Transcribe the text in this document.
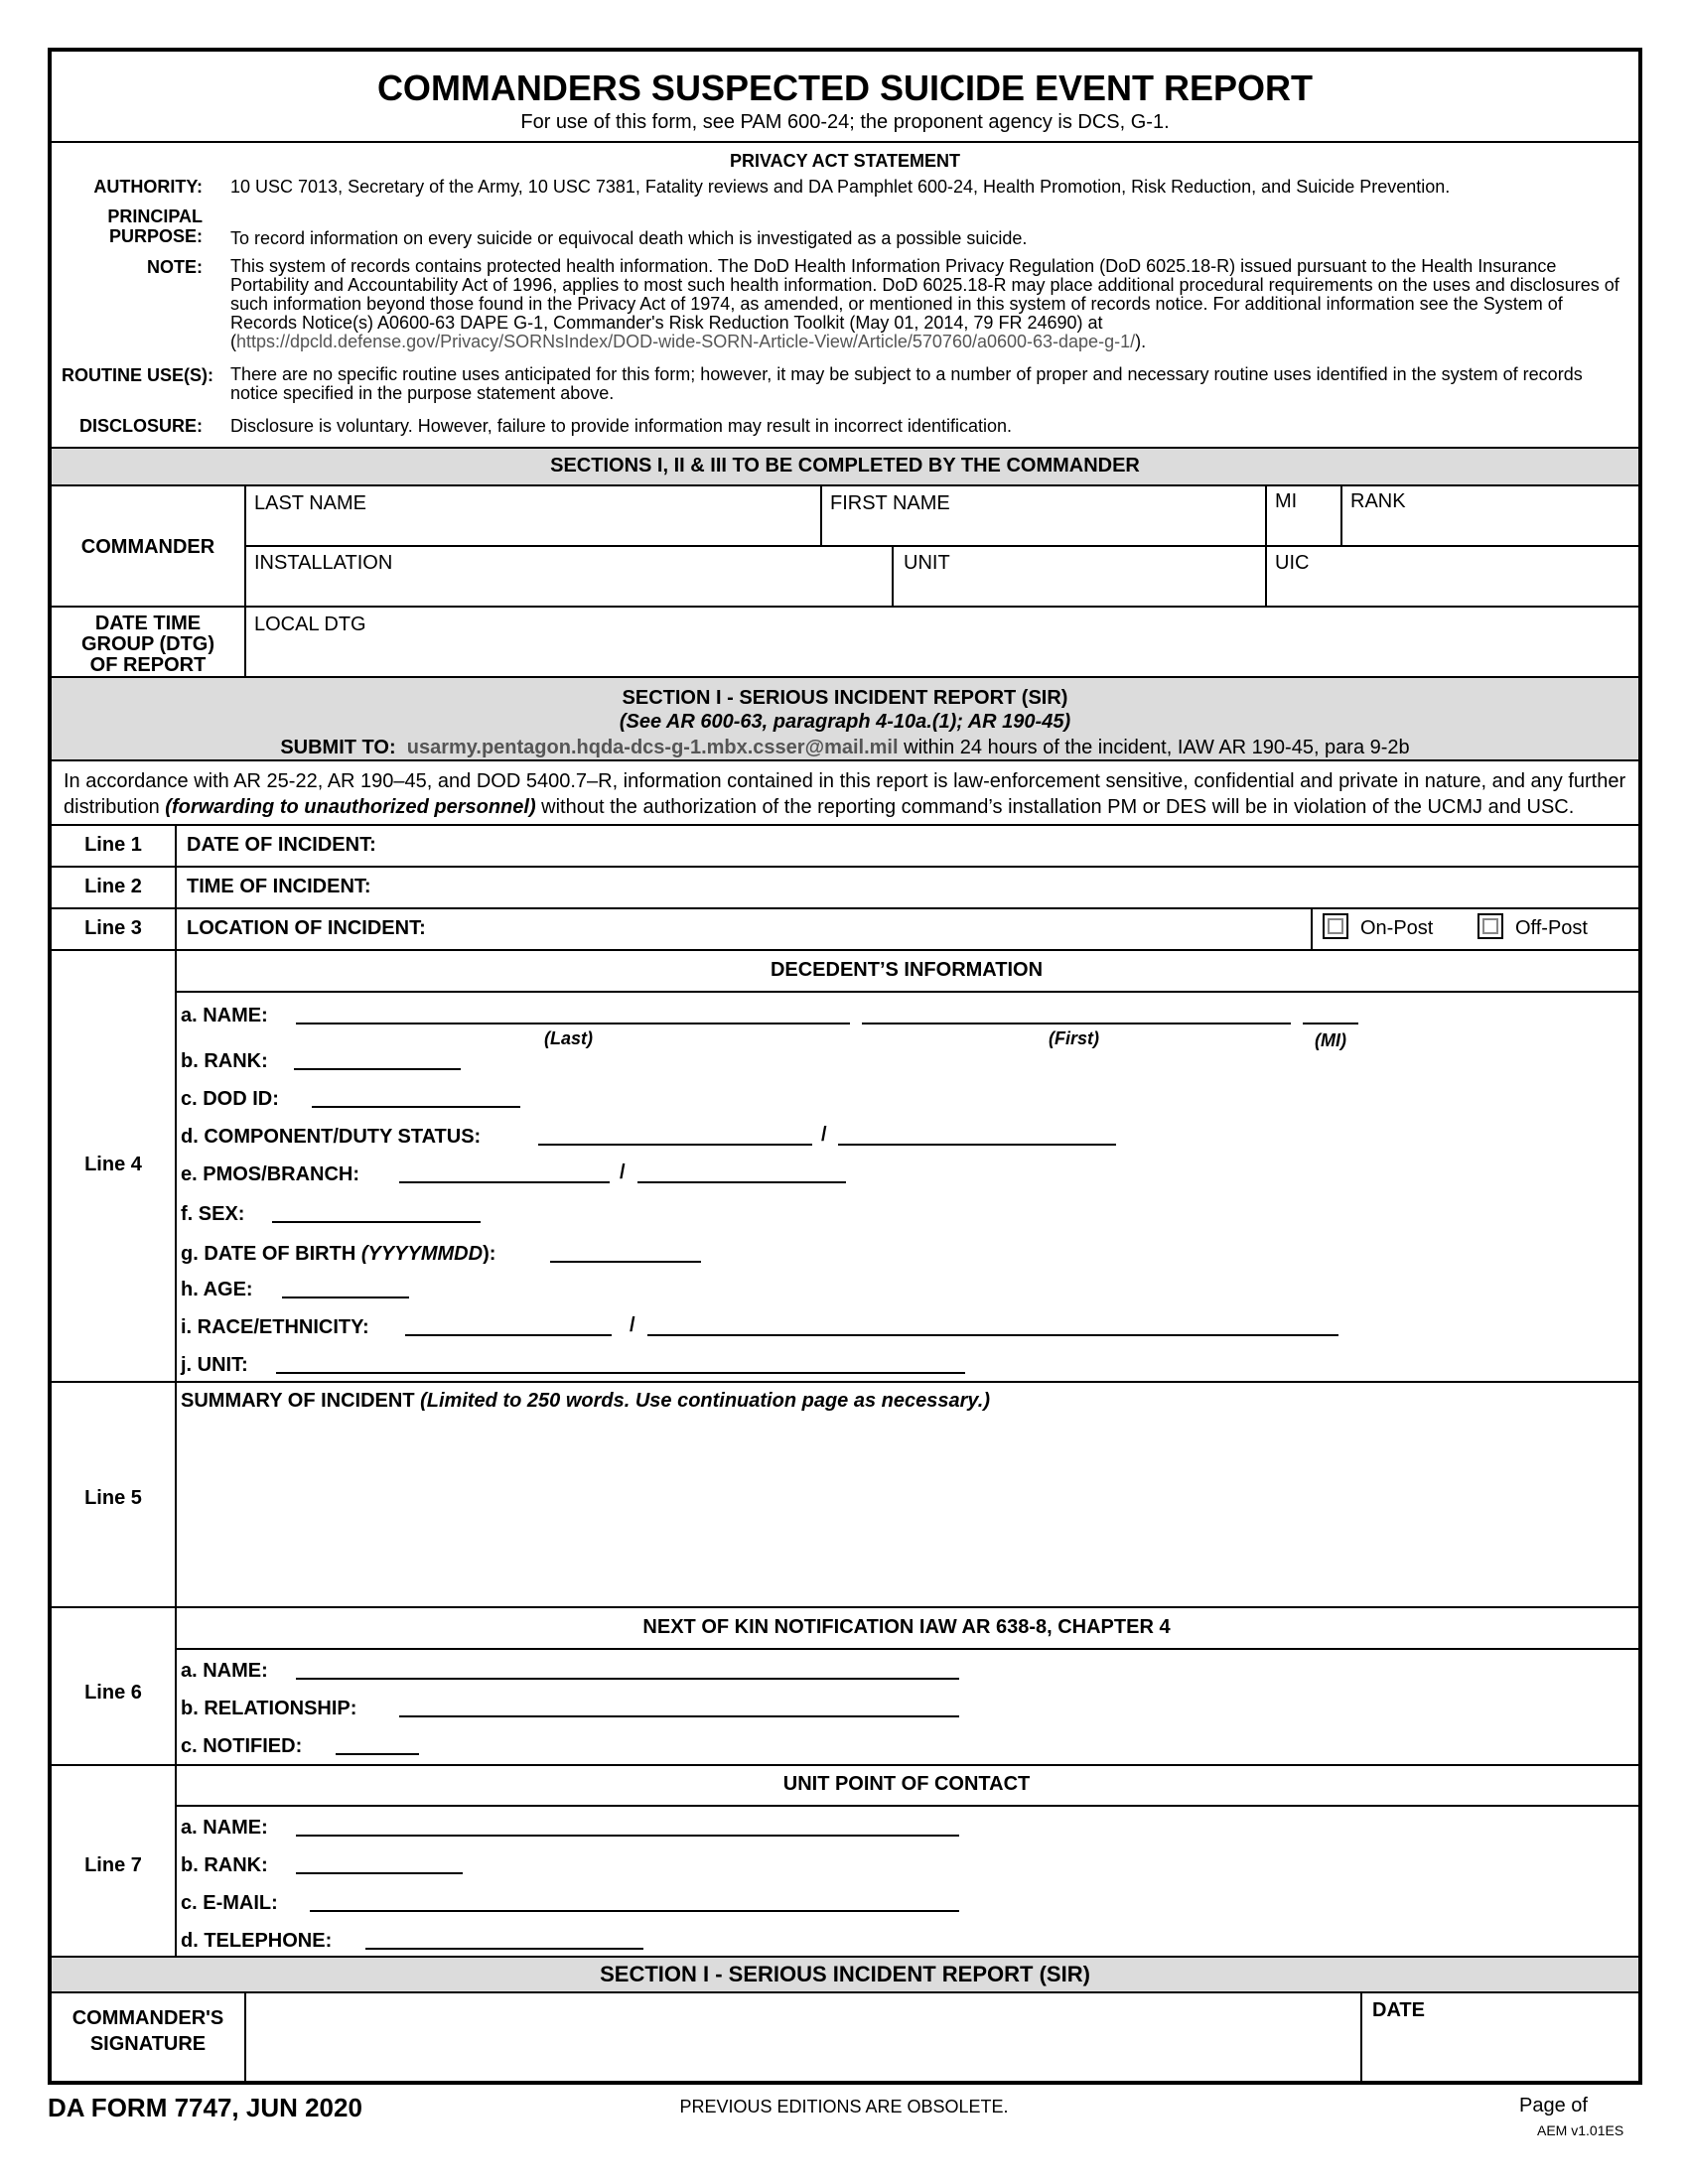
COMMANDERS SUSPECTED SUICIDE EVENT REPORT
For use of this form, see PAM 600-24; the proponent agency is DCS, G-1.
PRIVACY ACT STATEMENT
AUTHORITY: 10 USC 7013, Secretary of the Army, 10 USC 7381, Fatality reviews and DA Pamphlet 600-24, Health Promotion, Risk Reduction, and Suicide Prevention.
PRINCIPAL
PURPOSE: To record information on every suicide or equivocal death which is investigated as a possible suicide.
NOTE: This system of records contains protected health information. The DoD Health Information Privacy Regulation (DoD 6025.18-R) issued pursuant to the Health Insurance Portability and Accountability Act of 1996, applies to most such health information. DoD 6025.18-R may place additional procedural requirements on the uses and disclosures of such information beyond those found in the Privacy Act of 1974, as amended, or mentioned in this system of records notice. For additional information see the System of Records Notice(s) A0600-63 DAPE G-1, Commander's Risk Reduction Toolkit (May 01, 2014, 79 FR 24690) at
(https://dpcld.defense.gov/Privacy/SORNsIndex/DOD-wide-SORN-Article-View/Article/570760/a0600-63-dape-g-1/).
ROUTINE USE(S): There are no specific routine uses anticipated for this form; however, it may be subject to a number of proper and necessary routine uses identified in the system of records notice specified in the purpose statement above.
DISCLOSURE: Disclosure is voluntary. However, failure to provide information may result in incorrect identification.
SECTIONS I, II & III TO BE COMPLETED BY THE COMMANDER
COMMANDER
LAST NAME	FIRST NAME	MI	RANK
INSTALLATION	UNIT	UIC
DATE TIME
GROUP (DTG)
OF REPORT
LOCAL DTG
SECTION I - SERIOUS INCIDENT REPORT (SIR)
(See AR 600-63, paragraph 4-10a.(1); AR 190-45)
SUBMIT TO: usarmy.pentagon.hqda-dcs-g-1.mbx.csser@mail.mil within 24 hours of the incident, IAW AR 190-45, para 9-2b
In accordance with AR 25-22, AR 190–45, and DOD 5400.7–R, information contained in this report is law-enforcement sensitive, confidential and private in nature, and any further distribution (forwarding to unauthorized personnel) without the authorization of the reporting command’s installation PM or DES will be in violation of the UCMJ and USC.
Line 1	DATE OF INCIDENT:
Line 2	TIME OF INCIDENT:
Line 3	LOCATION OF INCIDENT:	On-Post	Off-Post
Line 4
DECEDENT’S INFORMATION
a. NAME:
(Last)	(First)	(MI)
b. RANK:
c. DOD ID:
d. COMPONENT/DUTY STATUS:	/
e. PMOS/BRANCH:	/
f. SEX:
g. DATE OF BIRTH (YYYYMMDD):
h. AGE:
i. RACE/ETHNICITY:	/
j. UNIT:
Line 5
SUMMARY OF INCIDENT (Limited to 250 words. Use continuation page as necessary.)
Line 6
NEXT OF KIN NOTIFICATION IAW AR 638-8, CHAPTER 4
a. NAME:
b. RELATIONSHIP:
c. NOTIFIED:
Line 7
UNIT POINT OF CONTACT
a. NAME:
b. RANK:
c. E-MAIL:
d. TELEPHONE:
SECTION I - SERIOUS INCIDENT REPORT (SIR)
COMMANDER'S
SIGNATURE
DATE
DA FORM 7747, JUN 2020	PREVIOUS EDITIONS ARE OBSOLETE.	Page of
AEM v1.01ES
